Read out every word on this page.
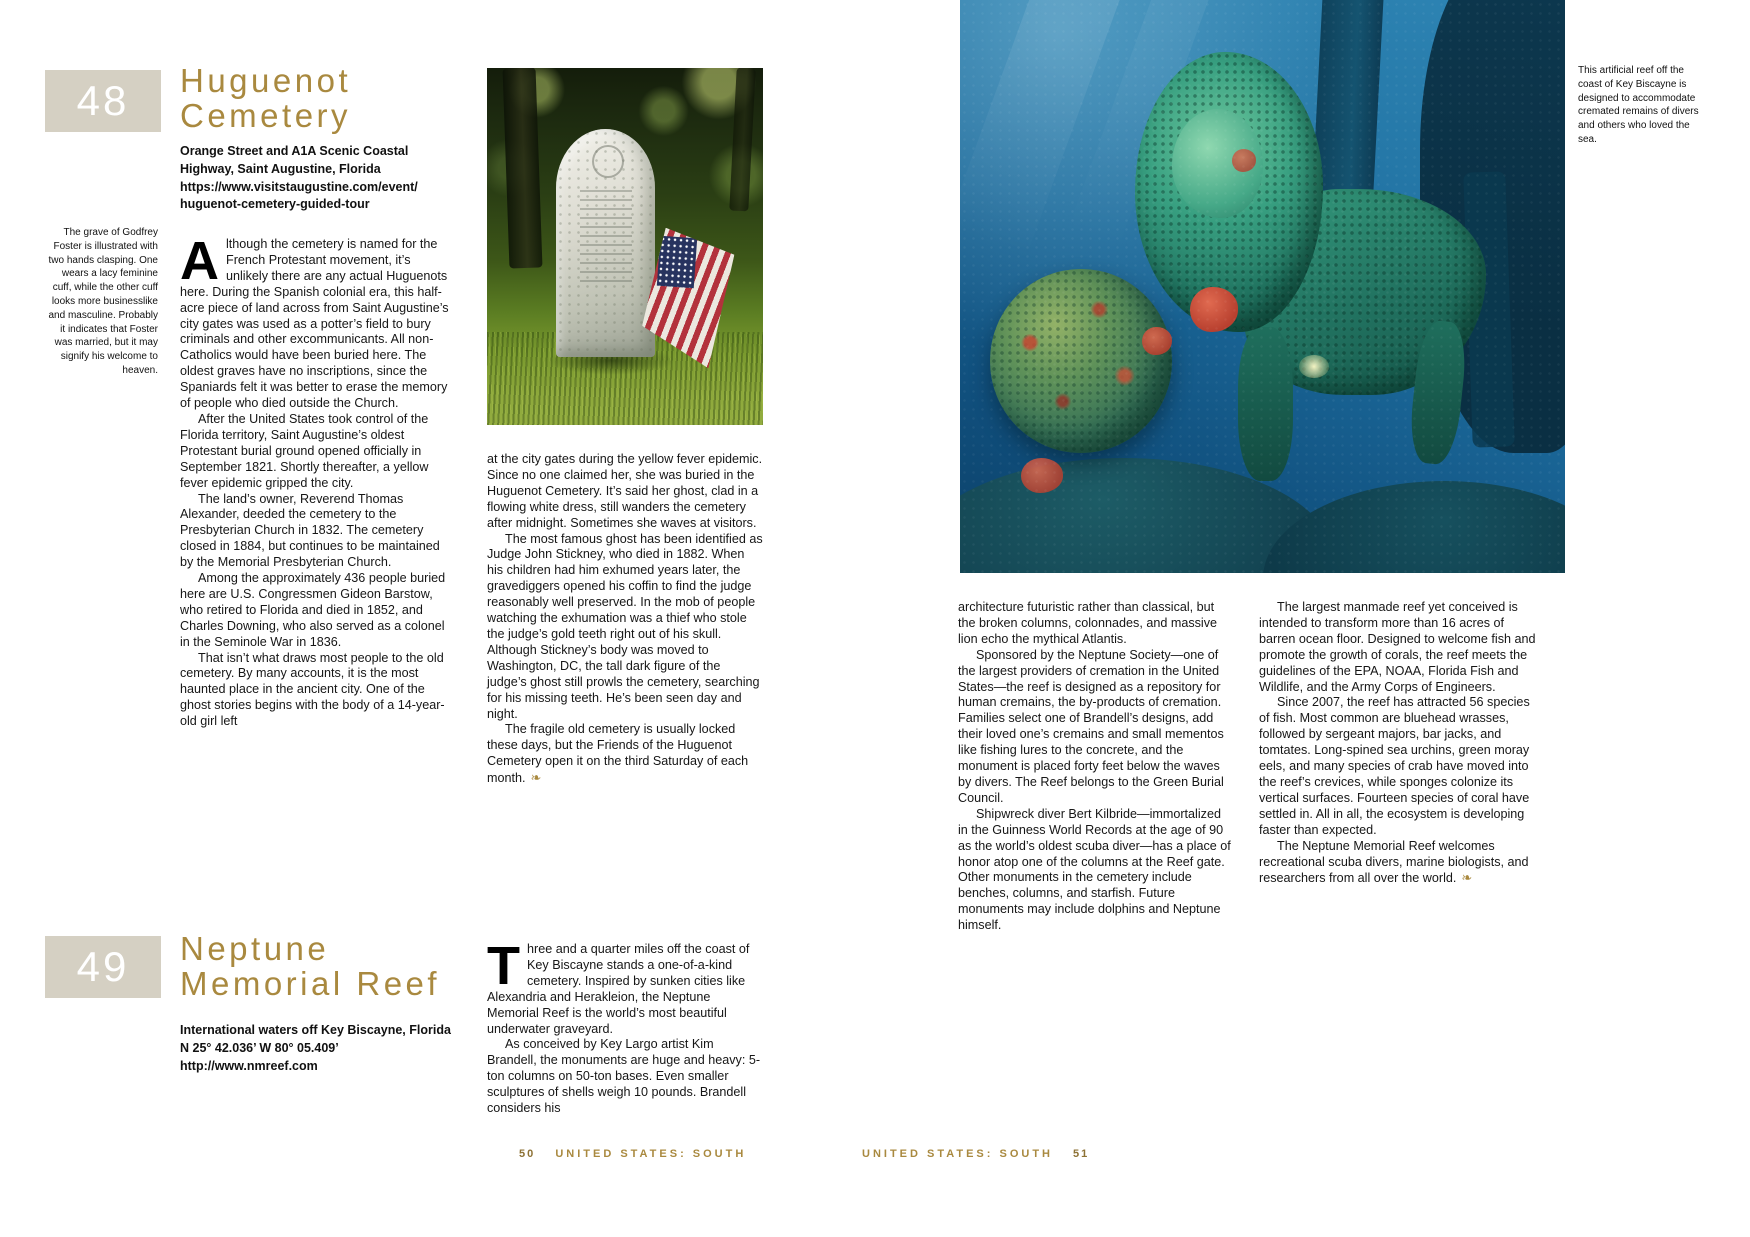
48 Huguenot
Cemetery
Orange Street and A1A Scenic Coastal
Highway, Saint Augustine, Florida
https://www.visitstaugustine.com/event/
huguenot-cemetery-guided-tour
The grave of Godfrey Foster is illustrated with two hands clasping. One wears a lacy feminine cuff, while the other cuff looks more businesslike and masculine. Probably it indicates that Foster was married, but it may signify his welcome to heaven.

Although the cemetery is named for the French Protestant movement, it’s unlikely there are any actual Huguenots here. During the Spanish colonial era, this half-acre piece of land across from Saint Augustine’s city gates was used as a potter’s field to bury criminals and other excommunicants. All non-Catholics would have been buried here. The oldest graves have no inscriptions, since the Spaniards felt it was better to erase the memory of people who died outside the Church.

After the United States took control of the Florida territory, Saint Augustine’s oldest Protestant burial ground opened officially in September 1821. Shortly thereafter, a yellow fever epidemic gripped the city.

The land’s owner, Reverend Thomas Alexander, deeded the cemetery to the Presbyterian Church in 1832. The cemetery closed in 1884, but continues to be maintained by the Memorial Presbyterian Church.

Among the approximately 436 people buried here are U.S. Congressmen Gideon Barstow, who retired to Florida and died in 1852, and Charles Downing, who also served as a colonel in the Seminole War in 1836.

That isn’t what draws most people to the old cemetery. By many accounts, it is the most haunted place in the ancient city. One of the ghost stories begins with the body of a 14-year-old girl left

at the city gates during the yellow fever epidemic. Since no one claimed her, she was buried in the Huguenot Cemetery. It’s said her ghost, clad in a flowing white dress, still wanders the cemetery after midnight. Sometimes she waves at visitors.

The most famous ghost has been identified as Judge John Stickney, who died in 1882. When his children had him exhumed years later, the gravediggers opened his coffin to find the judge reasonably well preserved. In the mob of people watching the exhumation was a thief who stole the judge’s gold teeth right out of his skull. Although Stickney’s body was moved to Washington, DC, the tall dark figure of the judge’s ghost still prowls the cemetery, searching for his missing teeth. He’s been seen day and night.

The fragile old cemetery is usually locked these days, but the Friends of the Huguenot Cemetery open it on the third Saturday of each month. ❧

49 Neptune
Memorial Reef
International waters off Key Biscayne, Florida
N 25° 42.036’ W 80° 05.409’
http://www.nmreef.com

Three and a quarter miles off the coast of Key Biscayne stands a one-of-a-kind cemetery. Inspired by sunken cities like Alexandria and Herakleion, the Neptune Memorial Reef is the world’s most beautiful underwater graveyard.

As conceived by Key Largo artist Kim Brandell, the monuments are huge and heavy: 5-ton columns on 50-ton bases. Even smaller sculptures of shells weigh 10 pounds. Brandell considers his

50 UNITED STATES: SOUTH
This artificial reef off the coast of Key Biscayne is designed to accommodate cremated remains of divers and others who loved the sea.

architecture futuristic rather than classical, but the broken columns, colonnades, and massive lion echo the mythical Atlantis.

Sponsored by the Neptune Society—one of the largest providers of cremation in the United States—the reef is designed as a repository for human cremains, the by-products of cremation. Families select one of Brandell’s designs, add their loved one’s cremains and small mementos like fishing lures to the concrete, and the monument is placed forty feet below the waves by divers. The Reef belongs to the Green Burial Council.

Shipwreck diver Bert Kilbride—immortalized in the Guinness World Records at the age of 90 as the world’s oldest scuba diver—has a place of honor atop one of the columns at the Reef gate. Other monuments in the cemetery include benches, columns, and starfish. Future monuments may include dolphins and Neptune himself.

The largest manmade reef yet conceived is intended to transform more than 16 acres of barren ocean floor. Designed to welcome fish and promote the growth of corals, the reef meets the guidelines of the EPA, NOAA, Florida Fish and Wildlife, and the Army Corps of Engineers.

Since 2007, the reef has attracted 56 species of fish. Most common are bluehead wrasses, followed by sergeant majors, bar jacks, and tomtates. Long-spined sea urchins, green moray eels, and many species of crab have moved into the reef’s crevices, while sponges colonize its vertical surfaces. Fourteen species of coral have settled in. All in all, the ecosystem is developing faster than expected.

The Neptune Memorial Reef welcomes recreational scuba divers, marine biologists, and researchers from all over the world. ❧

UNITED STATES: SOUTH 51
